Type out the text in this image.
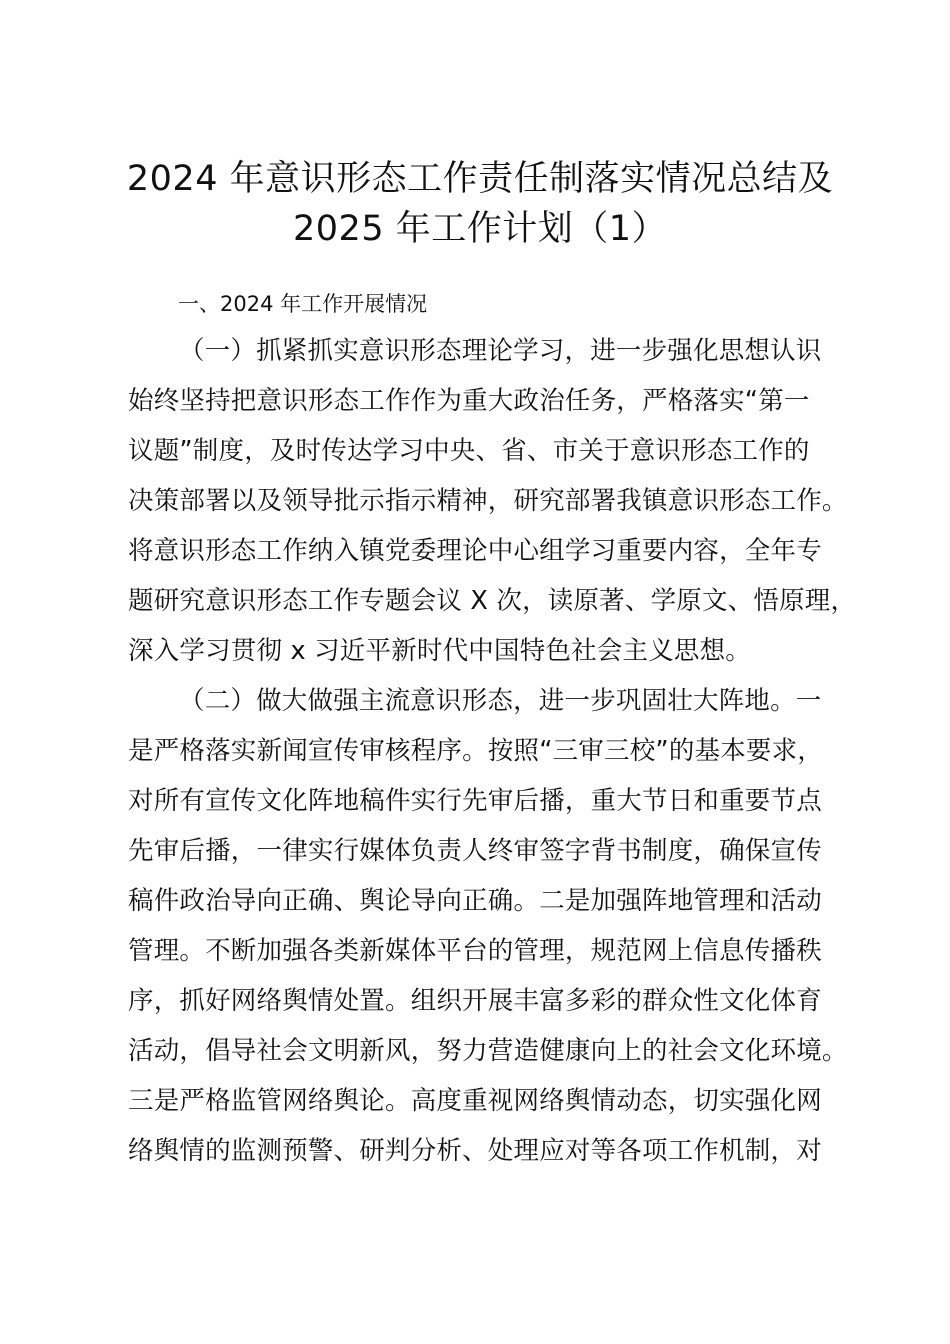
2024 年意识形态工作责任制落实情况总结及
2025 年工作计划（1）
一、2024 年工作开展情况
（一）抓紧抓实意识形态理论学习，进一步强化思想认识
始终坚持把意识形态工作作为重大政治任务，严格落实“第一
议题”制度，及时传达学习中央、省、市关于意识形态工作的
决策部署以及领导批示指示精神，研究部署我镇意识形态工作。
将意识形态工作纳入镇党委理论中心组学习重要内容，全年专
题研究意识形态工作专题会议 X 次，读原著、学原文、悟原理，
深入学习贯彻 x 习近平新时代中国特色社会主义思想。
（二）做大做强主流意识形态，进一步巩固壮大阵地。一
是严格落实新闻宣传审核程序。按照“三审三校”的基本要求，
对所有宣传文化阵地稿件实行先审后播，重大节日和重要节点
先审后播，一律实行媒体负责人终审签字背书制度，确保宣传
稿件政治导向正确、舆论导向正确。二是加强阵地管理和活动
管理。不断加强各类新媒体平台的管理，规范网上信息传播秩
序，抓好网络舆情处置。组织开展丰富多彩的群众性文化体育
活动，倡导社会文明新风，努力营造健康向上的社会文化环境。
三是严格监管网络舆论。高度重视网络舆情动态，切实强化网
络舆情的监测预警、研判分析、处理应对等各项工作机制，对
